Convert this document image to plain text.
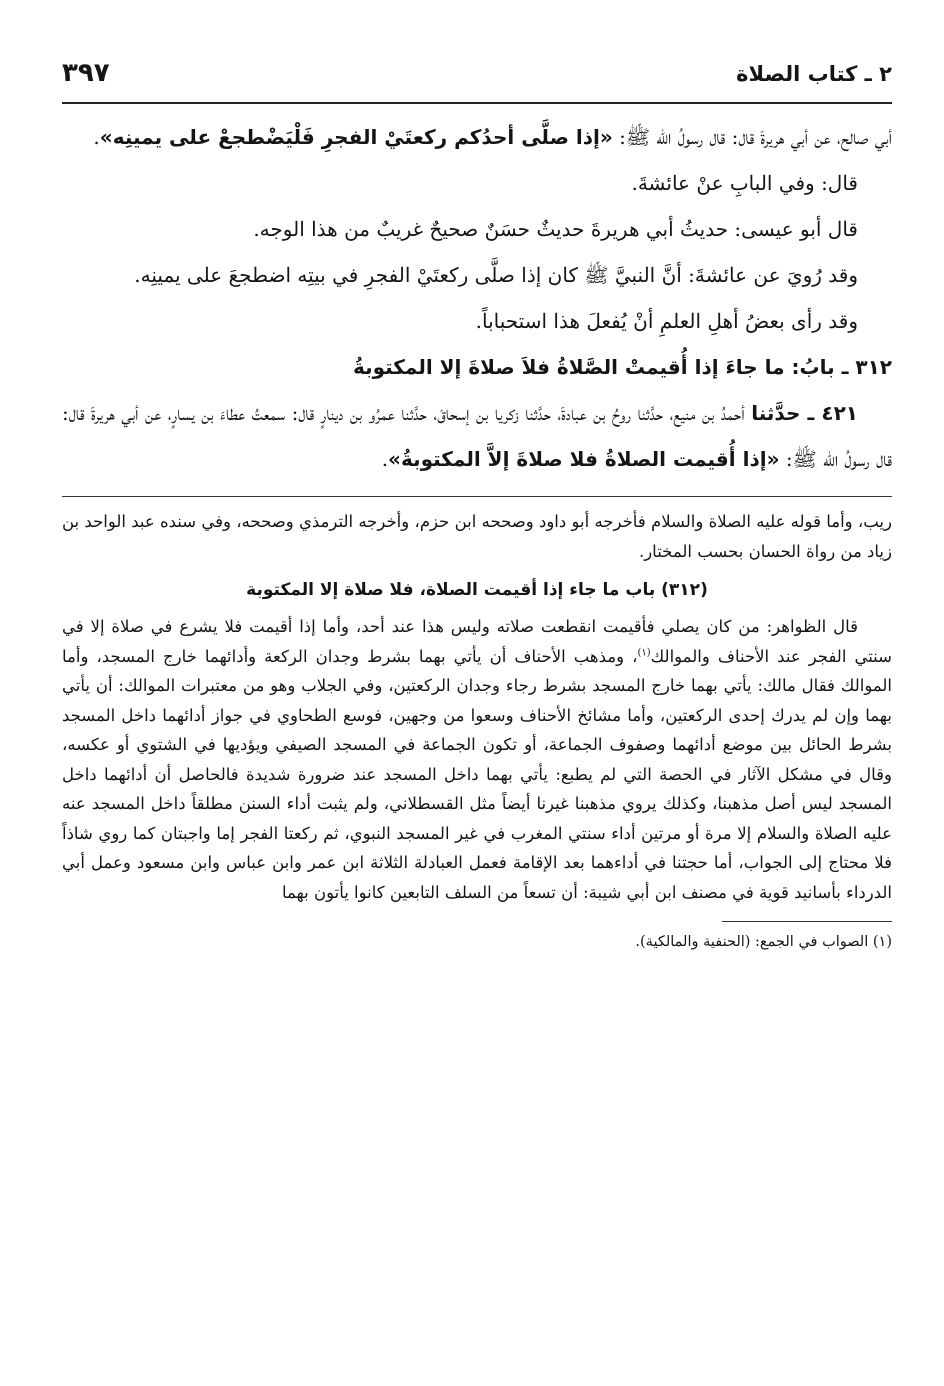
٢ ـ كتاب الصلاة
٣٩٧

أبي صالح، عن أبي هريرةَ قال: قال رسولُ الله ﷺ: «إذا صلَّى أحدُكم ركعتَيْ الفجرِ فَلْيَضْطجعْ على يمينِه».

قال: وفي البابِ عنْ عائشةَ.

قال أبو عيسى: حديثُ أبي هريرةَ حديثٌ حسَنٌ صحيحٌ غريبٌ من هذا الوجه.

وقد رُويَ عن عائشةَ: أنَّ النبيَّ ﷺ كان إذا صلَّى ركعتَيْ الفجرِ في بيتِه اضطجعَ على يمينِه.

وقد رأى بعضُ أهلِ العلمِ أنْ يُفعلَ هذا استحباباً.

٣١٢ ـ بابُ: ما جاءَ إذا أُقيمتْ الصَّلاةُ فلاَ صلاةَ إلا المكتوبةُ

٤٢١ ـ حدَّثنا أحمدُ بن منيع، حدَّثنا روحُ بن عبادةَ، حدَّثنا زكريا بن إسحاقَ، حدَّثنا عمرُو بن دينارٍ قال: سمعتُ عطاءَ بن يسارٍ، عن أبي هريرةَ قال: قال رسولُ الله ﷺ: «إذا أُقيمت الصلاةُ فلا صلاةَ إلاَّ المكتوبةُ».

ريب، وأما قوله عليه الصلاة والسلام فأخرجه أبو داود وصححه ابن حزم، وأخرجه الترمذي وصححه، وفي سنده عبد الواحد بن زياد من رواة الحسان بحسب المختار.

(٣١٢) باب ما جاء إذا أقيمت الصلاة، فلا صلاة إلا المكتوبة

قال الظواهر: من كان يصلي فأقيمت انقطعت صلاته وليس هذا عند أحد، وأما إذا أقيمت فلا يشرع في صلاة إلا في سنتي الفجر عند الأحناف والموالك$^{(١)}$، ومذهب الأحناف أن يأتي بهما بشرط وجدان الركعة وأدائهما خارج المسجد، وأما الموالك فقال مالك: يأتي بهما خارج المسجد بشرط رجاء وجدان الركعتين، وفي الجلاب وهو من معتبرات الموالك: أن يأتي بهما وإن لم يدرك إحدى الركعتين، وأما مشائخ الأحناف وسعوا من وجهين، فوسع الطحاوي في جواز أدائهما داخل المسجد بشرط الحائل بين موضع أدائهما وصفوف الجماعة، أو تكون الجماعة في المسجد الصيفي ويؤديها في الشتوي أو عكسه، وقال في مشكل الآثار في الحصة التي لم يطبع: يأتي بهما داخل المسجد عند ضرورة شديدة فالحاصل أن أدائهما داخل المسجد ليس أصل مذهبنا، وكذلك يروي مذهبنا غيرنا أيضاً مثل القسطلاني، ولم يثبت أداء السنن مطلقاً داخل المسجد عنه عليه الصلاة والسلام إلا مرة أو مرتين أداء سنتي المغرب في غير المسجد النبوي، ثم ركعتا الفجر إما واجبتان كما روي شاذاً فلا محتاج إلى الجواب، أما حجتنا في أداءهما بعد الإقامة فعمل العبادلة الثلاثة ابن عمر وابن عباس وابن مسعود وعمل أبي الدرداء بأسانيد قوية في مصنف ابن أبي شيبة: أن تسعاً من السلف التابعين كانوا يأتون بهما

(١) الصواب في الجمع: (الحنفية والمالكية).
